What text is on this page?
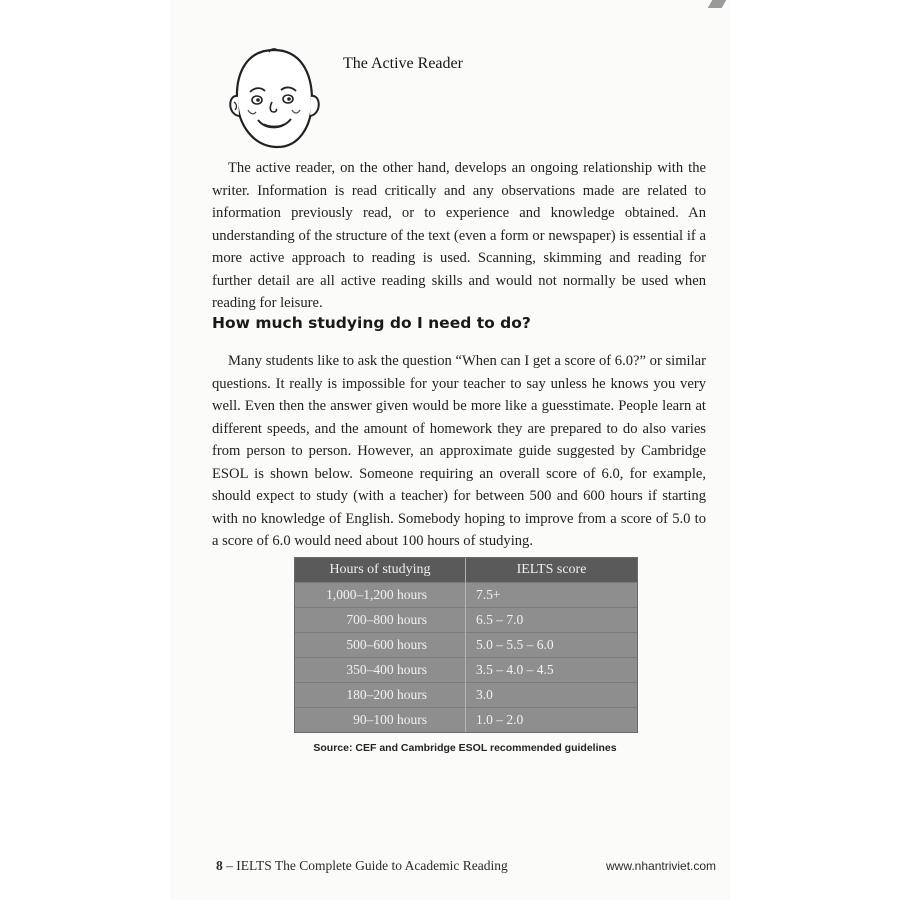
The Active Reader

The active reader, on the other hand, develops an ongoing relationship with the writer. Information is read critically and any observations made are related to information previously read, or to experience and knowledge obtained. An understanding of the structure of the text (even a form or newspaper) is essential if a more active approach to reading is used. Scanning, skimming and reading for further detail are all active reading skills and would not normally be used when reading for leisure.

How much studying do I need to do?

Many students like to ask the question “When can I get a score of 6.0?” or similar questions. It really is impossible for your teacher to say unless he knows you very well. Even then the answer given would be more like a guesstimate. People learn at different speeds, and the amount of homework they are prepared to do also varies from person to person. However, an approximate guide suggested by Cambridge ESOL is shown below. Someone requiring an overall score of 6.0, for example, should expect to study (with a teacher) for between 500 and 600 hours if starting with no knowledge of English. Somebody hoping to improve from a score of 5.0 to a score of 6.0 would need about 100 hours of studying.

Hours of studying	IELTS score
1,000–1,200 hours	7.5+
700–800 hours	6.5 – 7.0
500–600 hours	5.0 – 5.5 – 6.0
350–400 hours	3.5 – 4.0 – 4.5
180–200 hours	3.0
90–100 hours	1.0 – 2.0

Source: CEF and Cambridge ESOL recommended guidelines

8 – IELTS The Complete Guide to Academic Reading	www.nhantriviet.com
